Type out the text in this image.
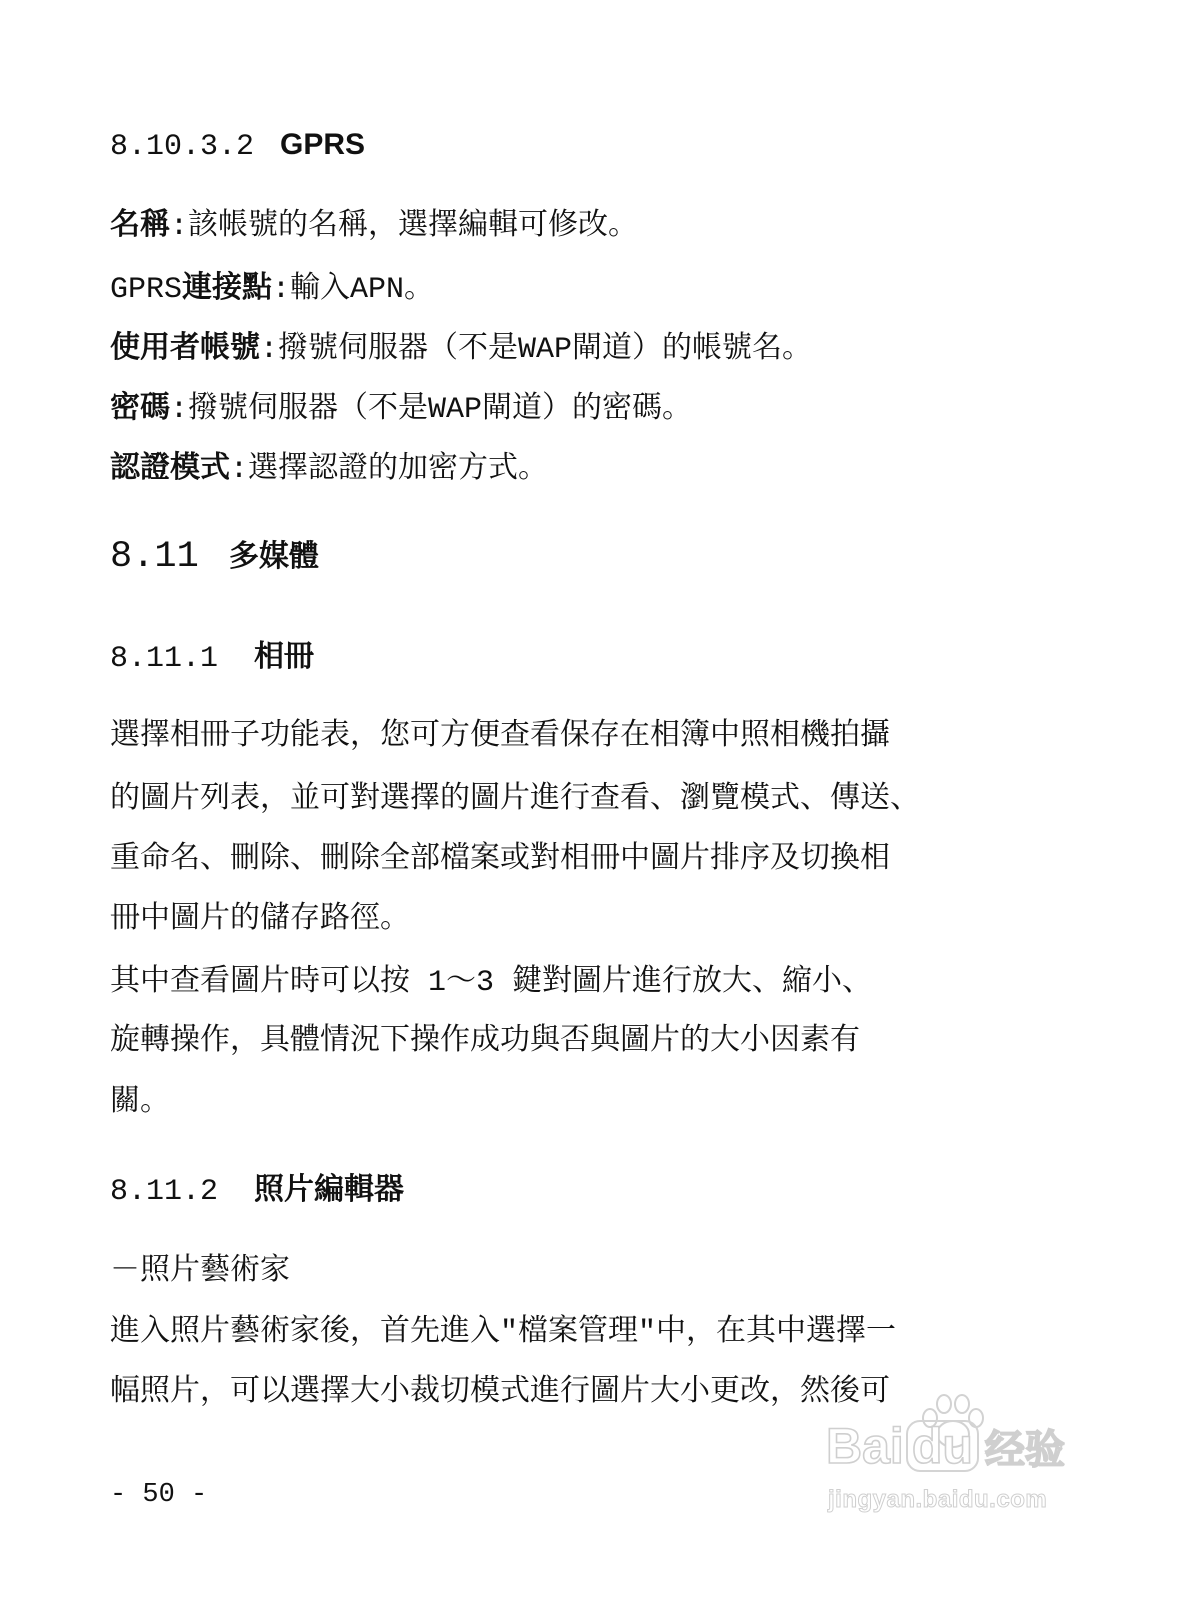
8.10.3.2 GPRS
名稱:該帳號的名稱，選擇編輯可修改。
GPRS連接點:輸入APN。
使用者帳號:撥號伺服器（不是WAP閘道）的帳號名。
密碼:撥號伺服器（不是WAP閘道）的密碼。
認證模式:選擇認證的加密方式。
8.11 多媒體
8.11.1 相冊
選擇相冊子功能表，您可方便查看保存在相簿中照相機拍攝
的圖片列表，並可對選擇的圖片進行查看、瀏覽模式、傳送、
重命名、刪除、刪除全部檔案或對相冊中圖片排序及切換相
冊中圖片的儲存路徑。
其中查看圖片時可以按 1～3 鍵對圖片進行放大、縮小、
旋轉操作，具體情況下操作成功與否與圖片的大小因素有
關。
8.11.2 照片編輯器
－照片藝術家
進入照片藝術家後，首先進入"檔案管理"中，在其中選擇一
幅照片，可以選擇大小裁切模式進行圖片大小更改，然後可
- 50 -
Bai du 经验
jingyan.baidu.com
